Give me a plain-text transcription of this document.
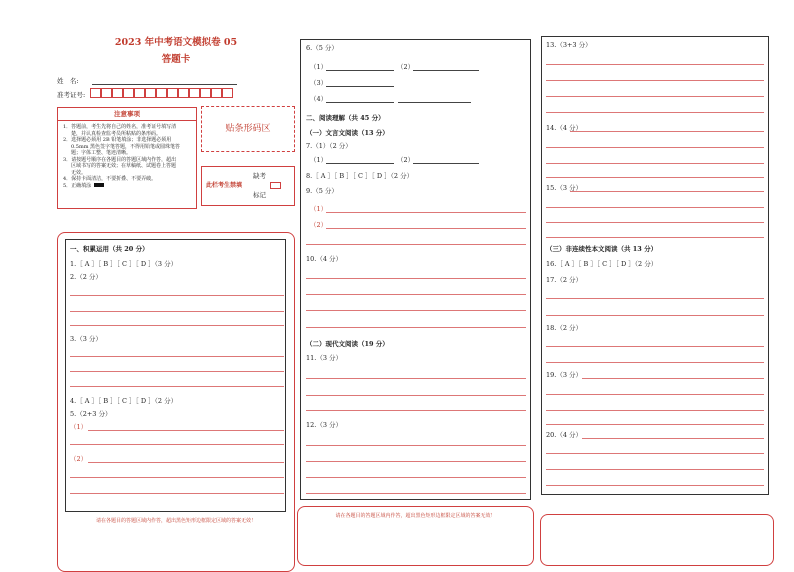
2023 年中考语文模拟卷 05
答题卡
姓　名:
准考证号:
注意事项
1．答题前，考生先将自己的姓名，准考证号填写清
楚，并认真检查监考员所粘贴的条形码。
2．选择题必须用 2B 铅笔填涂；非选择题必须用
0.5mm 黑色签字笔答题，不得用铅笔或圆珠笔答
题；字体工整、笔迹清晰。
3．请按题号顺序在各题目的答题区域内作答，超出
区域书写的答案无效；在草稿纸、试题卷上答题
无效。
4．保持卡面清洁，不要折叠、不要弄破。
5．正确填涂
贴条形码区
此栏考生禁填
缺考
标记
一、积累运用（共 20 分）
1.［ A ］［ B ］［ C ］［ D ］（3 分）
2.（2 分）
3.（3 分）
4.［ A ］［ B ］［ C ］［ D ］（2 分）
5.（2+3 分）
（1）
（2）
请在各题目的答题区域内作答，超出黑色矩形边框限定区域的答案无效！
6.（5 分）
（1）	（2）
（3）
（4）
二、阅读理解（共 45 分）
（一）文言文阅读（13 分）
7.（1）（2 分）
（1）	（2）
8.［ A ］［ B ］［ C ］［ D ］（2 分）
9.（5 分）
（1）
（2）
10.（4 分）
（二）现代文阅读（19 分）
11.（3 分）
12.（3 分）
请在各题目的答题区域内作答，超出黑色矩形边框限定区域的答案无效！
13.（3+3 分）
14.（4 分）
15.（3 分）
（三）非连续性本文阅读（共 13 分）
16.［ A ］［ B ］［ C ］［ D ］（2 分）
17.（2 分）
18.（2 分）
19.（3 分）
20.（4 分）
